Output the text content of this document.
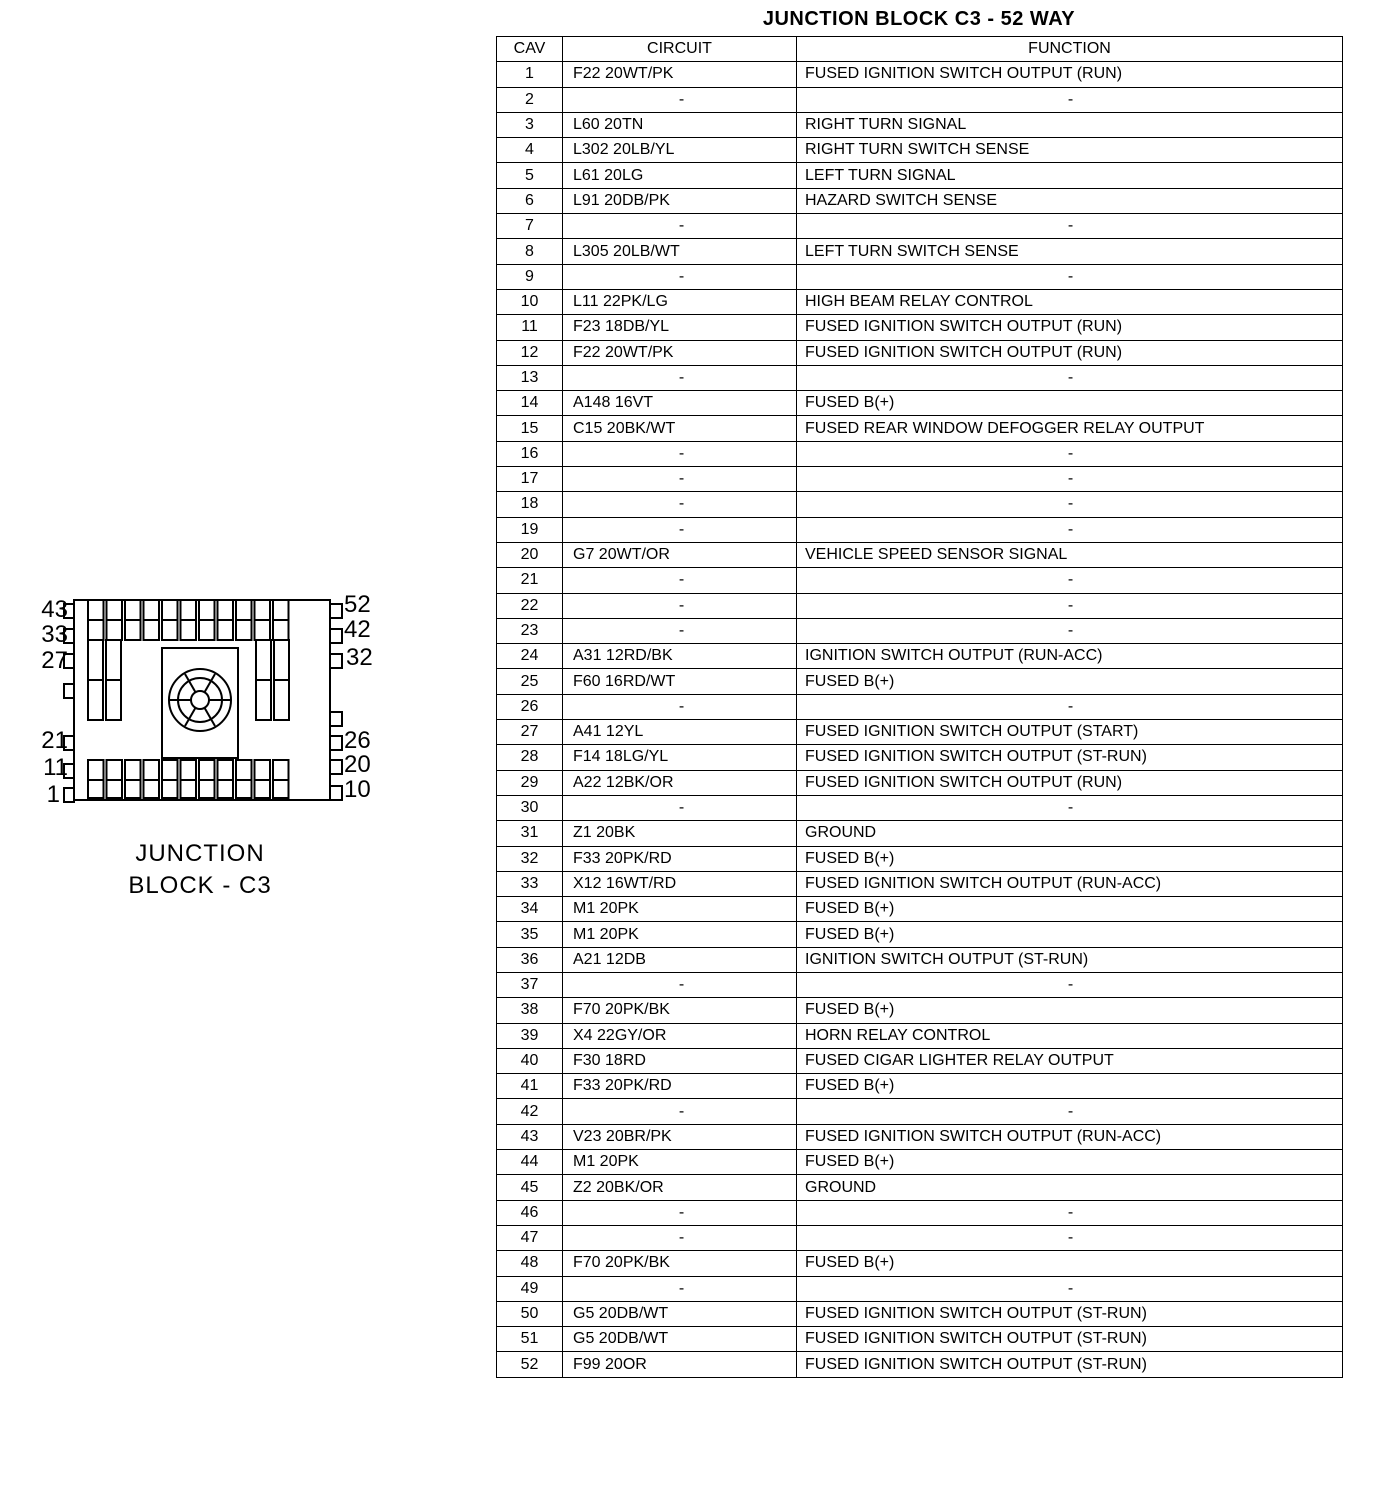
43
33
27
21
11
1
52
42
32
26
20
10
JUNCTION
BLOCK - C3
JUNCTION BLOCK C3 - 52 WAY
CAV	CIRCUIT	FUNCTION
1	F22 20WT/PK	FUSED IGNITION SWITCH OUTPUT (RUN)
2	-	-
3	L60 20TN	RIGHT TURN SIGNAL
4	L302 20LB/YL	RIGHT TURN SWITCH SENSE
5	L61 20LG	LEFT TURN SIGNAL
6	L91 20DB/PK	HAZARD SWITCH SENSE
7	-	-
8	L305 20LB/WT	LEFT TURN SWITCH SENSE
9	-	-
10	L11 22PK/LG	HIGH BEAM RELAY CONTROL
11	F23 18DB/YL	FUSED IGNITION SWITCH OUTPUT (RUN)
12	F22 20WT/PK	FUSED IGNITION SWITCH OUTPUT (RUN)
13	-	-
14	A148 16VT	FUSED B(+)
15	C15 20BK/WT	FUSED REAR WINDOW DEFOGGER RELAY OUTPUT
16	-	-
17	-	-
18	-	-
19	-	-
20	G7 20WT/OR	VEHICLE SPEED SENSOR SIGNAL
21	-	-
22	-	-
23	-	-
24	A31 12RD/BK	IGNITION SWITCH OUTPUT (RUN-ACC)
25	F60 16RD/WT	FUSED B(+)
26	-	-
27	A41 12YL	FUSED IGNITION SWITCH OUTPUT (START)
28	F14 18LG/YL	FUSED IGNITION SWITCH OUTPUT (ST-RUN)
29	A22 12BK/OR	FUSED IGNITION SWITCH OUTPUT (RUN)
30	-	-
31	Z1 20BK	GROUND
32	F33 20PK/RD	FUSED B(+)
33	X12 16WT/RD	FUSED IGNITION SWITCH OUTPUT (RUN-ACC)
34	M1 20PK	FUSED B(+)
35	M1 20PK	FUSED B(+)
36	A21 12DB	IGNITION SWITCH OUTPUT (ST-RUN)
37	-	-
38	F70 20PK/BK	FUSED B(+)
39	X4 22GY/OR	HORN RELAY CONTROL
40	F30 18RD	FUSED CIGAR LIGHTER RELAY OUTPUT
41	F33 20PK/RD	FUSED B(+)
42	-	-
43	V23 20BR/PK	FUSED IGNITION SWITCH OUTPUT (RUN-ACC)
44	M1 20PK	FUSED B(+)
45	Z2 20BK/OR	GROUND
46	-	-
47	-	-
48	F70 20PK/BK	FUSED B(+)
49	-	-
50	G5 20DB/WT	FUSED IGNITION SWITCH OUTPUT (ST-RUN)
51	G5 20DB/WT	FUSED IGNITION SWITCH OUTPUT (ST-RUN)
52	F99 20OR	FUSED IGNITION SWITCH OUTPUT (ST-RUN)
